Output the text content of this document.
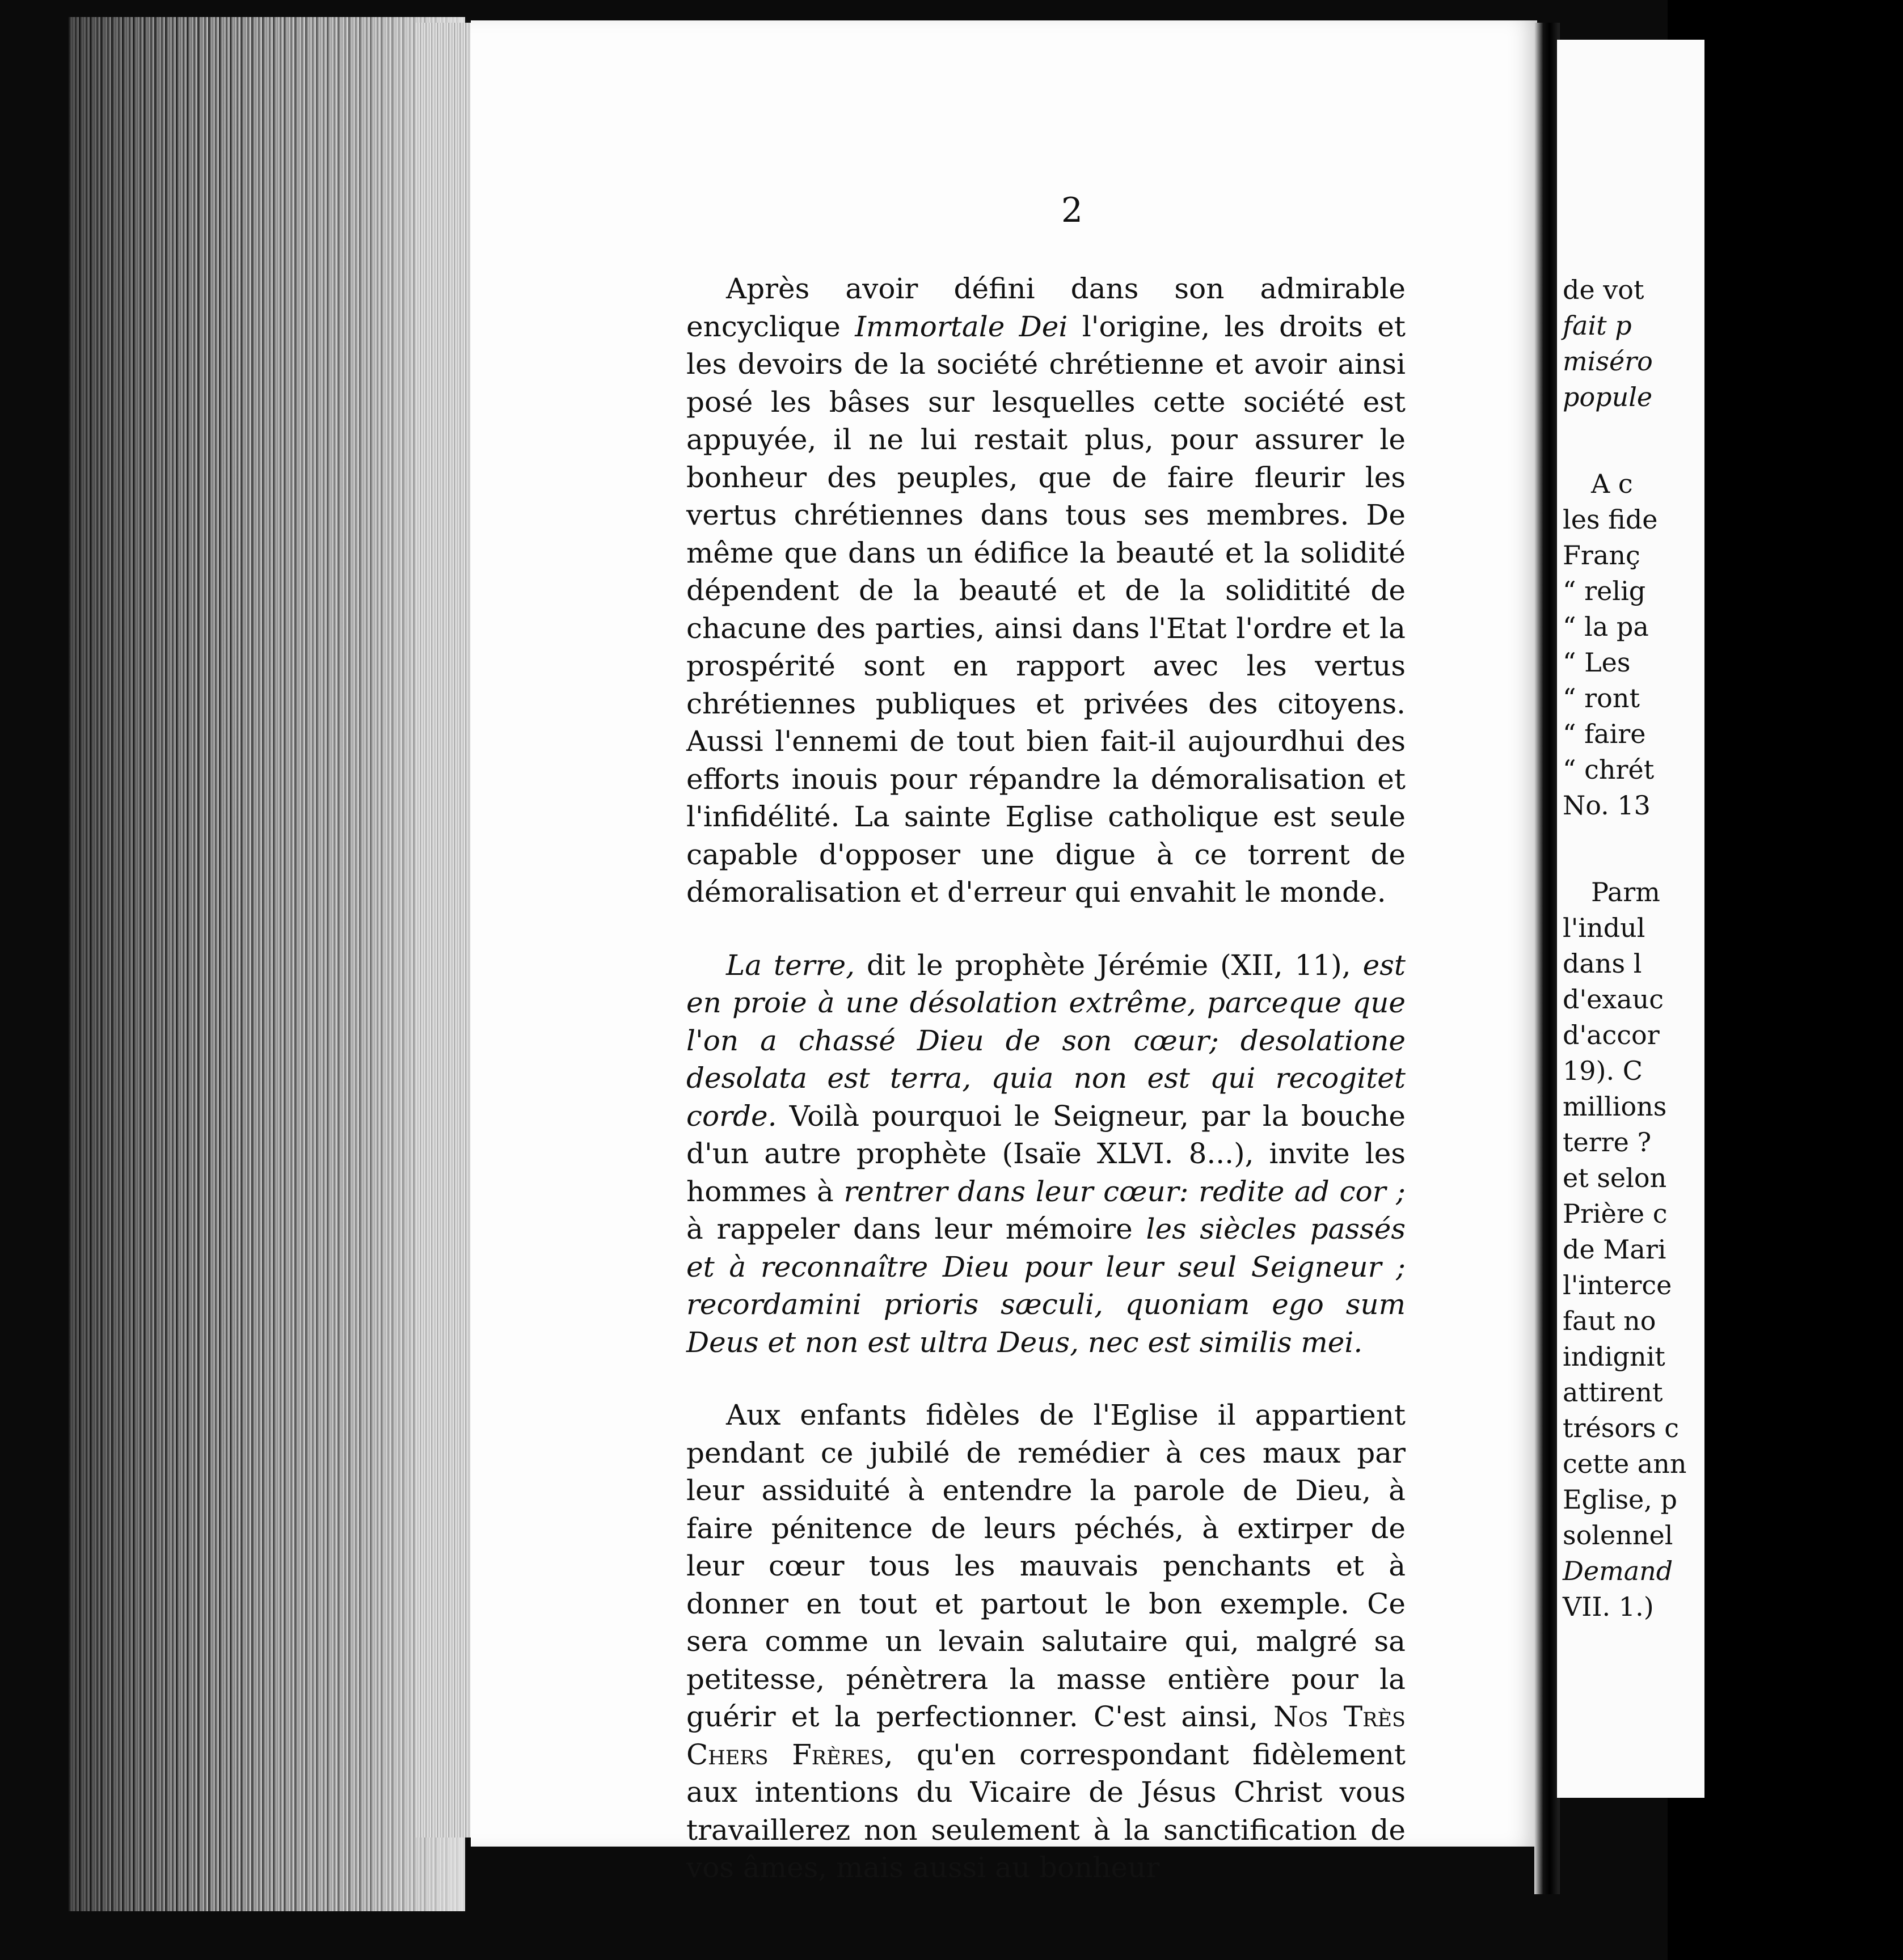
2

Après avoir défini dans son admirable encyclique Immortale Dei l'origine, les droits et les devoirs de la société chrétienne et avoir ainsi posé les bâses sur lesquelles cette société est appuyée, il ne lui restait plus, pour assurer le bonheur des peuples, que de faire fleurir les vertus chrétiennes dans tous ses membres. De même que dans un édifice la beauté et la solidité dépendent de la beauté et de la soliditité de chacune des parties, ainsi dans l'Etat l'ordre et la prospérité sont en rapport avec les vertus chrétiennes publiques et privées des citoyens. Aussi l'ennemi de tout bien fait-il aujourdhui des efforts inouis pour répandre la démoralisation et l'infidélité. La sainte Eglise catholique est seule capable d'opposer une digue à ce torrent de démoralisation et d'erreur qui envahit le monde.

La terre, dit le prophète Jérémie (XII, 11), est en proie à une désolation extrême, parceque que l'on a chassé Dieu de son cœur; desolatione desolata est terra, quia non est qui recogitet corde. Voilà pourquoi le Seigneur, par la bouche d'un autre prophète (Isaïe XLVI. 8...), invite les hommes à rentrer dans leur cœur: redite ad cor ; à rappeler dans leur mémoire les siècles passés et à reconnaître Dieu pour leur seul Seigneur ; recordamini prioris sæculi, quoniam ego sum Deus et non est ultra Deus, nec est similis mei.

Aux enfants fidèles de l'Eglise il appartient pendant ce jubilé de remédier à ces maux par leur assiduité à entendre la parole de Dieu, à faire pénitence de leurs péchés, à extirper de leur cœur tous les mauvais penchants et à donner en tout et partout le bon exemple. Ce sera comme un levain salutaire qui, malgré sa petitesse, pénètrera la masse entière pour la guérir et la perfectionner. C'est ainsi, Nos Très Chers Frères, qu'en correspondant fidèlement aux intentions du Vicaire de Jésus Christ vous travaillerez non seulement à la sanctification de vos âmes, mais aussi au bonheur

de vot
fait p
miséro
popule
A c
les fide
Franç
“ relig
“ la pa
“ Les
“ ront
“ faire
“ chrét
No. 13
Parm
l'indul
dans l
d'exauc
d'accor
19). C
millions
terre ?
et selon
Prière c
de Mari
l'interce
faut no
indignit
attirent
trésors c
cette ann
Eglise, p
solennel
Demand
VII. 1.)
